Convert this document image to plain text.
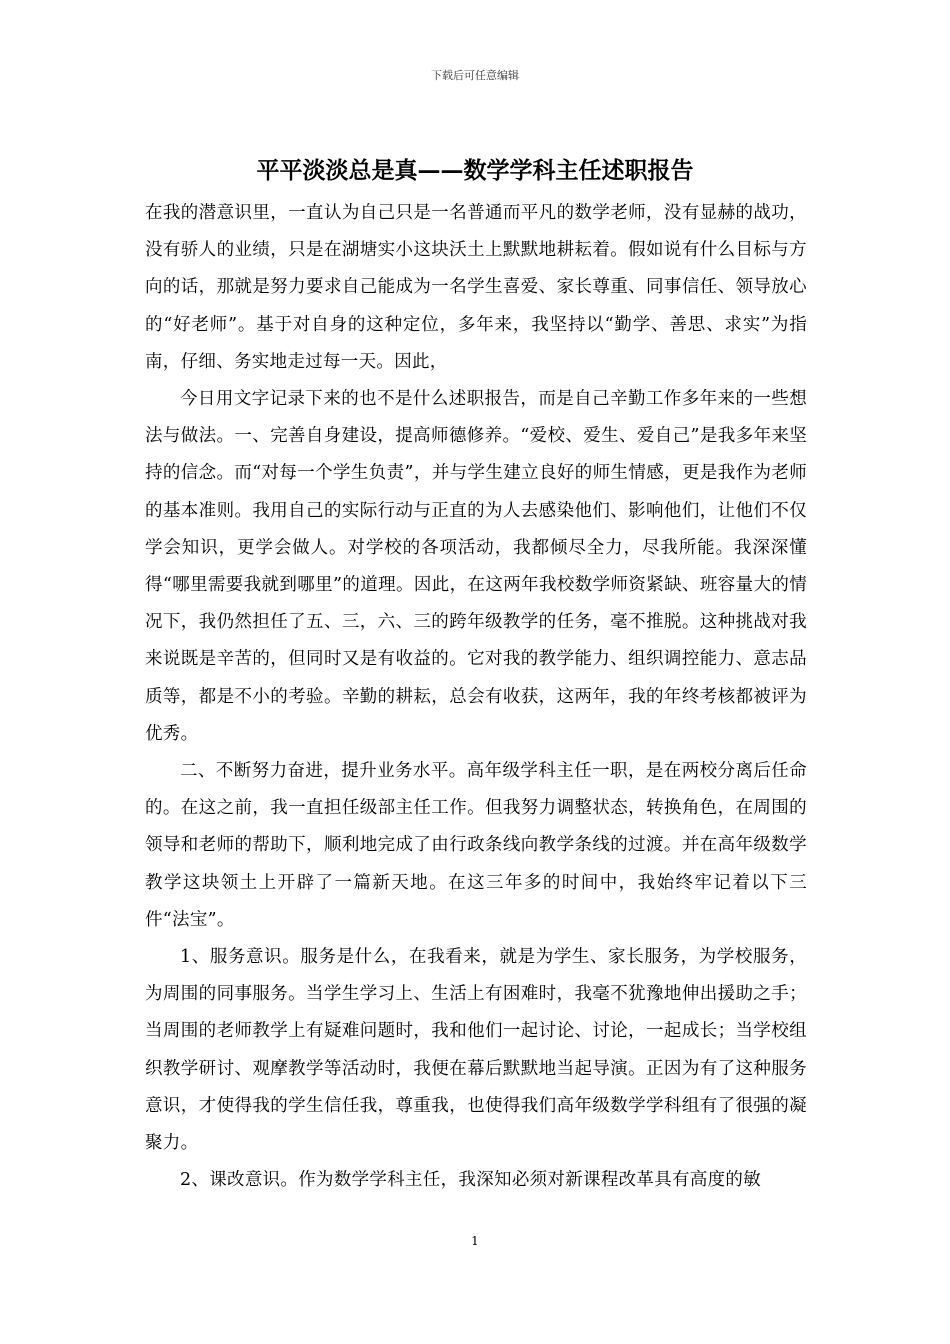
下载后可任意编辑
平平淡淡总是真——数学学科主任述职报告

在我的潜意识里，一直认为自己只是一名普通而平凡的数学老师，没有显赫的战功，没有骄人的业绩，只是在湖塘实小这块沃土上默默地耕耘着。假如说有什么目标与方向的话，那就是努力要求自己能成为一名学生喜爱、家长尊重、同事信任、领导放心的“好老师”。基于对自身的这种定位，多年来，我坚持以“勤学、善思、求实”为指南，仔细、务实地走过每一天。因此，

今日用文字记录下来的也不是什么述职报告，而是自己辛勤工作多年来的一些想法与做法。一、完善自身建设，提高师德修养。“爱校、爱生、爱自己”是我多年来坚持的信念。而“对每一个学生负责”，并与学生建立良好的师生情感，更是我作为老师的基本准则。我用自己的实际行动与正直的为人去感染他们、影响他们，让他们不仅学会知识，更学会做人。对学校的各项活动，我都倾尽全力，尽我所能。我深深懂得“哪里需要我就到哪里”的道理。因此，在这两年我校数学师资紧缺、班容量大的情况下，我仍然担任了五、三，六、三的跨年级教学的任务，毫不推脱。这种挑战对我来说既是辛苦的，但同时又是有收益的。它对我的教学能力、组织调控能力、意志品质等，都是不小的考验。辛勤的耕耘，总会有收获，这两年，我的年终考核都被评为优秀。

二、不断努力奋进，提升业务水平。高年级学科主任一职，是在两校分离后任命的。在这之前，我一直担任级部主任工作。但我努力调整状态，转换角色，在周围的领导和老师的帮助下，顺利地完成了由行政条线向教学条线的过渡。并在高年级数学教学这块领土上开辟了一篇新天地。在这三年多的时间中，我始终牢记着以下三件“法宝”。

1、服务意识。服务是什么，在我看来，就是为学生、家长服务，为学校服务，为周围的同事服务。当学生学习上、生活上有困难时，我毫不犹豫地伸出援助之手；当周围的老师教学上有疑难问题时，我和他们一起讨论、讨论，一起成长；当学校组织教学研讨、观摩教学等活动时，我便在幕后默默地当起导演。正因为有了这种服务意识，才使得我的学生信任我，尊重我，也使得我们高年级数学学科组有了很强的凝聚力。

2、课改意识。作为数学学科主任，我深知必须对新课程改革具有高度的敏

1
